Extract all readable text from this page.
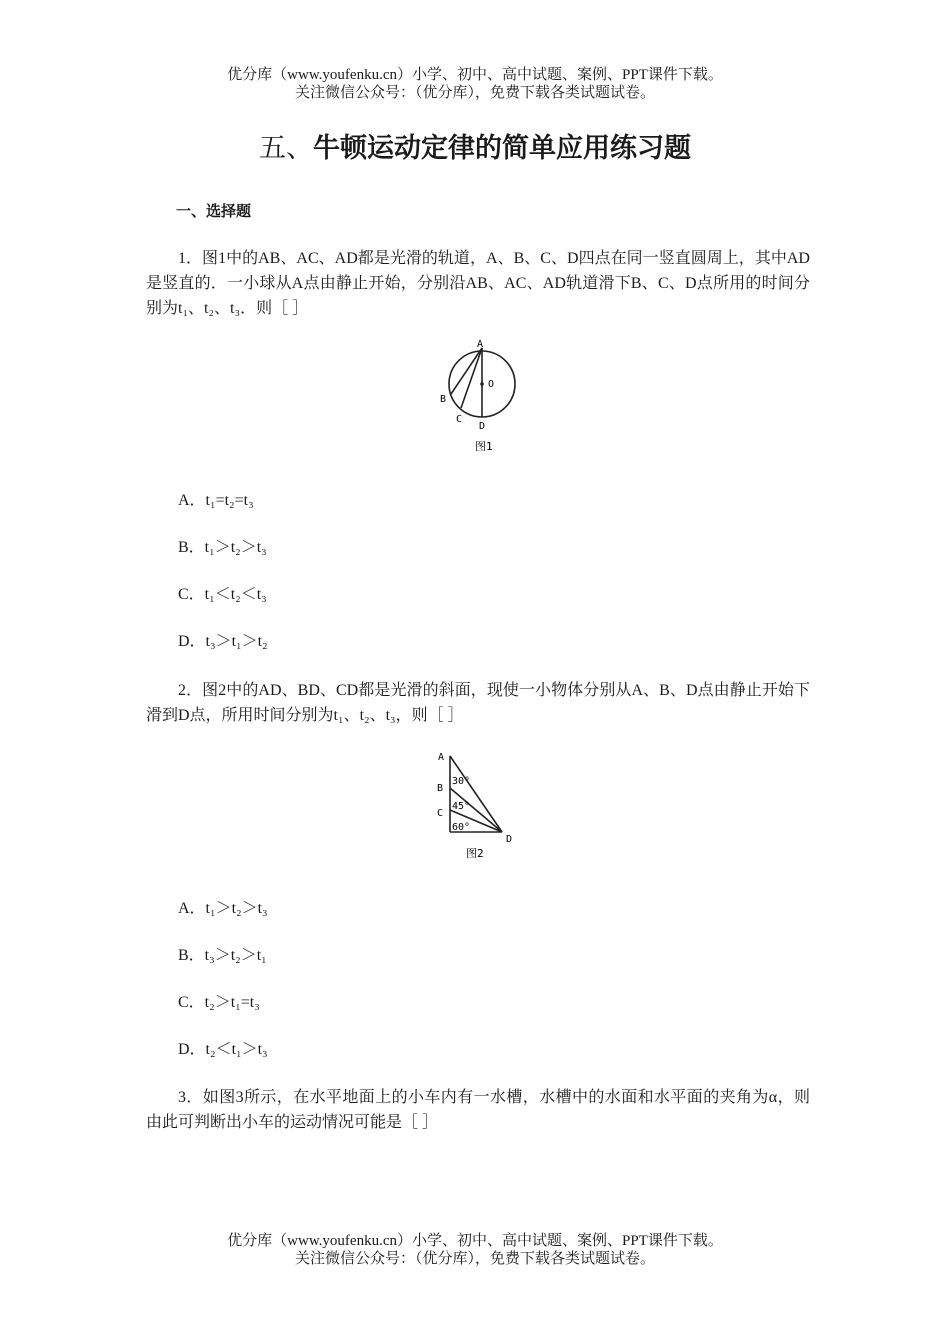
优分库（www.youfenku.cn）小学、初中、高中试题、案例、PPT课件下载。
关注微信公众号：（优分库），免费下载各类试题试卷。
五、牛顿运动定律的简单应用练习题
一、选择题
1．图1中的AB、AC、AD都是光滑的轨道，A、B、C、D四点在同一竖直圆周上，其中AD是竖直的．一小球从A点由静止开始，分别沿AB、AC、AD轨道滑下B、C、D点所用的时间分别为t₁、t₂、t₃．则［ ］
A
O
B
C
D
图1
A．t₁=t₂=t₃
B．t₁＞t₂＞t₃
C．t₁＜t₂＜t₃
D．t₃＞t₁＞t₂
2．图2中的AD、BD、CD都是光滑的斜面，现使一小物体分别从A、B、D点由静止开始下滑到D点，所用时间分别为t₁、t₂、t₃，则［ ］
A
B
C
D
30°
45°
60°
图2
A．t₁＞t₂＞t₃
B．t₃＞t₂＞t₁
C．t₂＞t₁=t₃
D．t₂＜t₁＞t₃
3．如图3所示，在水平地面上的小车内有一水槽，水槽中的水面和水平面的夹角为α，则由此可判断出小车的运动情况可能是［ ］
优分库（www.youfenku.cn）小学、初中、高中试题、案例、PPT课件下载。
关注微信公众号：（优分库），免费下载各类试题试卷。
